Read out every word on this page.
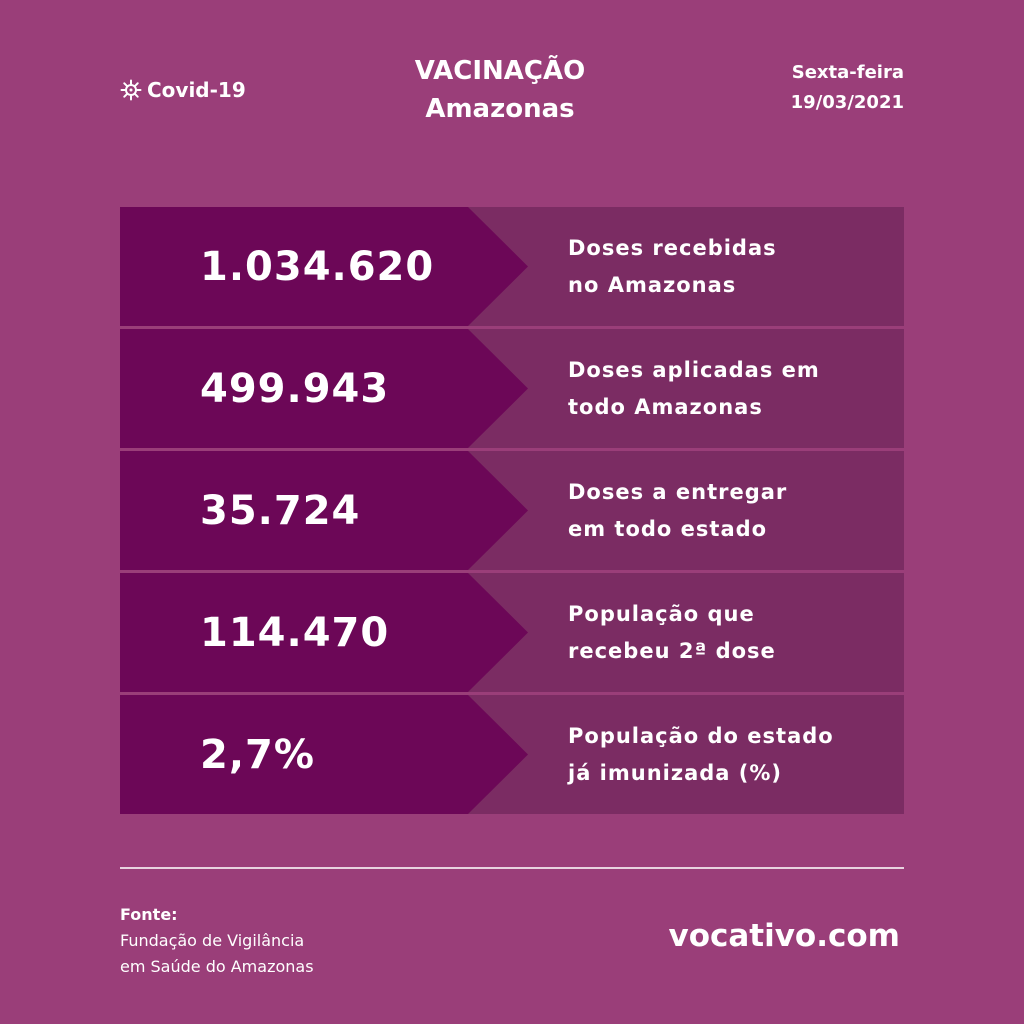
Covid-19
VACINAÇÃO
Amazonas
Sexta-feira
19/03/2021
1.034.620	Doses recebidas
no Amazonas
499.943	Doses aplicadas em
todo Amazonas
35.724	Doses a entregar
em todo estado
114.470	População que
recebeu 2ª dose
2,7%	População do estado
já imunizada (%)
Fonte:
Fundação de Vigilância
em Saúde do Amazonas
vocativo.com
